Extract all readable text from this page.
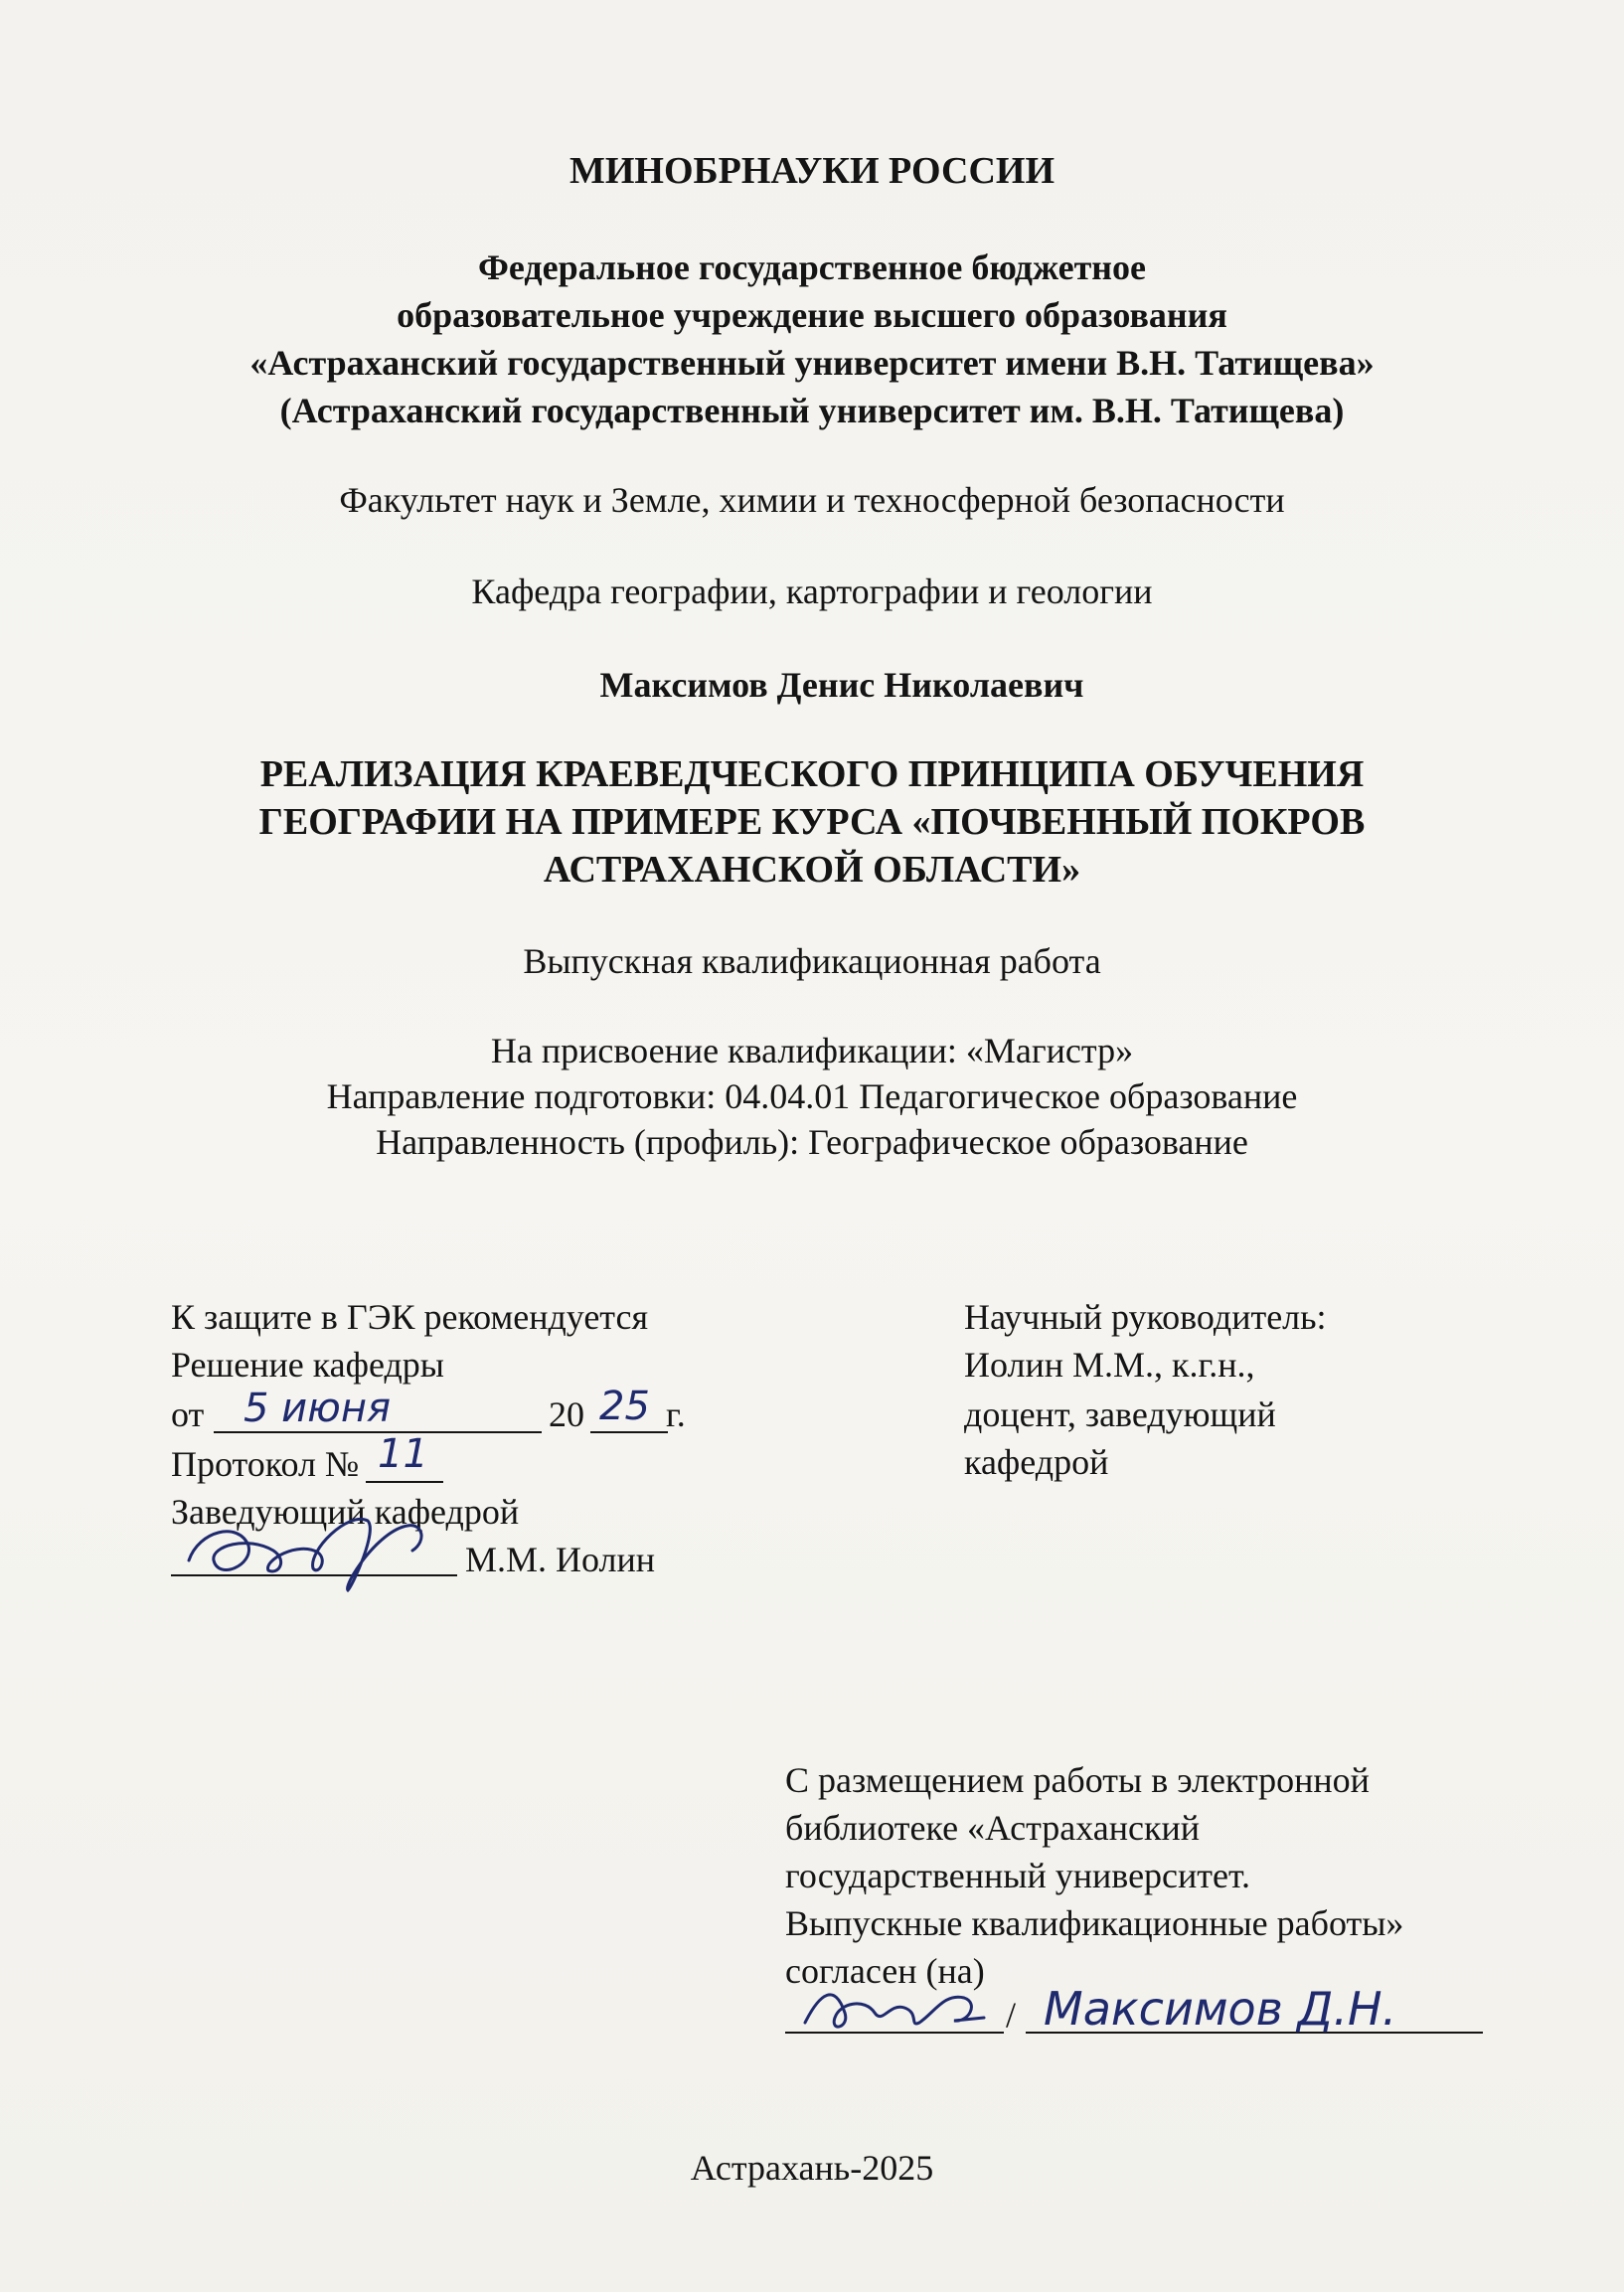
МИНОБРНАУКИ РОССИИ
Федеральное государственное бюджетное
образовательное учреждение высшего образования
«Астраханский государственный университет имени В.Н. Татищева»
(Астраханский государственный университет им. В.Н. Татищева)
Факультет наук и Земле, химии и техносферной безопасности
Кафедра географии, картографии и геологии
Максимов Денис Николаевич
РЕАЛИЗАЦИЯ КРАЕВЕДЧЕСКОГО ПРИНЦИПА ОБУЧЕНИЯ
ГЕОГРАФИИ НА ПРИМЕРЕ КУРСА «ПОЧВЕННЫЙ ПОКРОВ
АСТРАХАНСКОЙ ОБЛАСТИ»
Выпускная квалификационная работа
На присвоение квалификации: «Магистр»
Направление подготовки: 04.04.01 Педагогическое образование
Направленность (профиль): Географическое образование
К защите в ГЭК рекомендуется
Решение кафедры
от 5 июня	20 25 г.
Протокол № 11
Заведующий кафедрой
М.М. Иолин
Научный руководитель:
Иолин М.М., к.г.н.,
доцент, заведующий
кафедрой
С размещением работы в электронной
библиотеке «Астраханский
государственный университет.
Выпускные квалификационные работы»
согласен (на)
/ Максимов Д.Н.
Астрахань-2025
